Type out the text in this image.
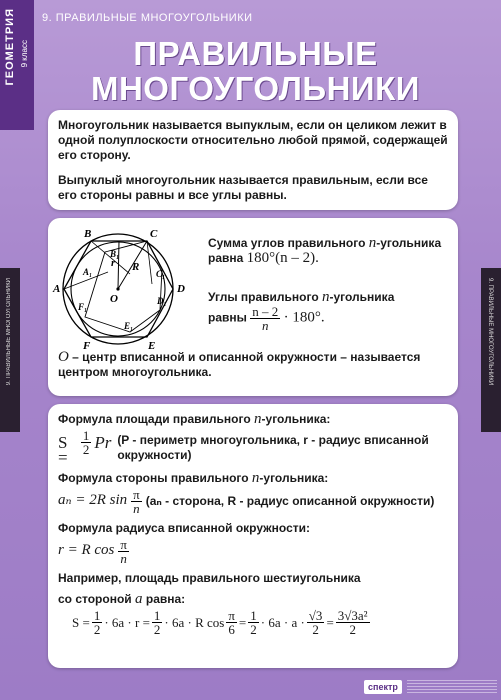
ГЕОМЕТРИЯ 9 класс
9. ПРАВИЛЬНЫЕ МНОГОУГОЛЬНИКИ	9. ПРАВИЛЬНЫЕ МНОГОУГОЛЬНИКИ
9. ПРАВИЛЬНЫЕ МНОГОУГОЛЬНИКИ
ПРАВИЛЬНЫЕ
МНОГОУГОЛЬНИКИ

Многоугольник называется выпуклым, если он целиком лежит в одной полуплоскости относительно любой прямой, содержащей его сторону.

Выпуклый многоугольник называется правильным, если все его стороны равны и все углы равны.

B	C
D
E
F
A
O
R
r
A₁
B₁
C₁
D₁
E₁
F₁
Сумма углов правильного n-угольника
равна 180°(n – 2).
Углы правильного n-угольника
равны $\frac{n - 2}{n} \cdot 180^\circ$.
O – центр вписанной и описанной окружности – называется центром многоугольника.
Формула площади правильного n-угольника:
S =
$\frac{1}{2}$ Pr (P - периметр многоугольника, r - радиус вписанной окружности)
Формула стороны правильного n-угольника:
aₙ = 2R $\sin \frac{\pi}{n} (a_n$ - сторона, R - радиус описанной окружности)
Формула радиуса вписанной окружности:
r = R $\cos \frac{\pi}{n}$
Например, площадь правильного шестиугольника
со стороной a равна:
$S = \frac{1}{2} \cdot 6a \cdot r = \frac{1}{2} \cdot 6a \cdot R$ $\cos \frac{\pi}{6} = \frac{1}{2} \cdot 6a \cdot a \cdot \frac{√3}{2} = \frac{\text{3√3a²}}{2}$
спектр
